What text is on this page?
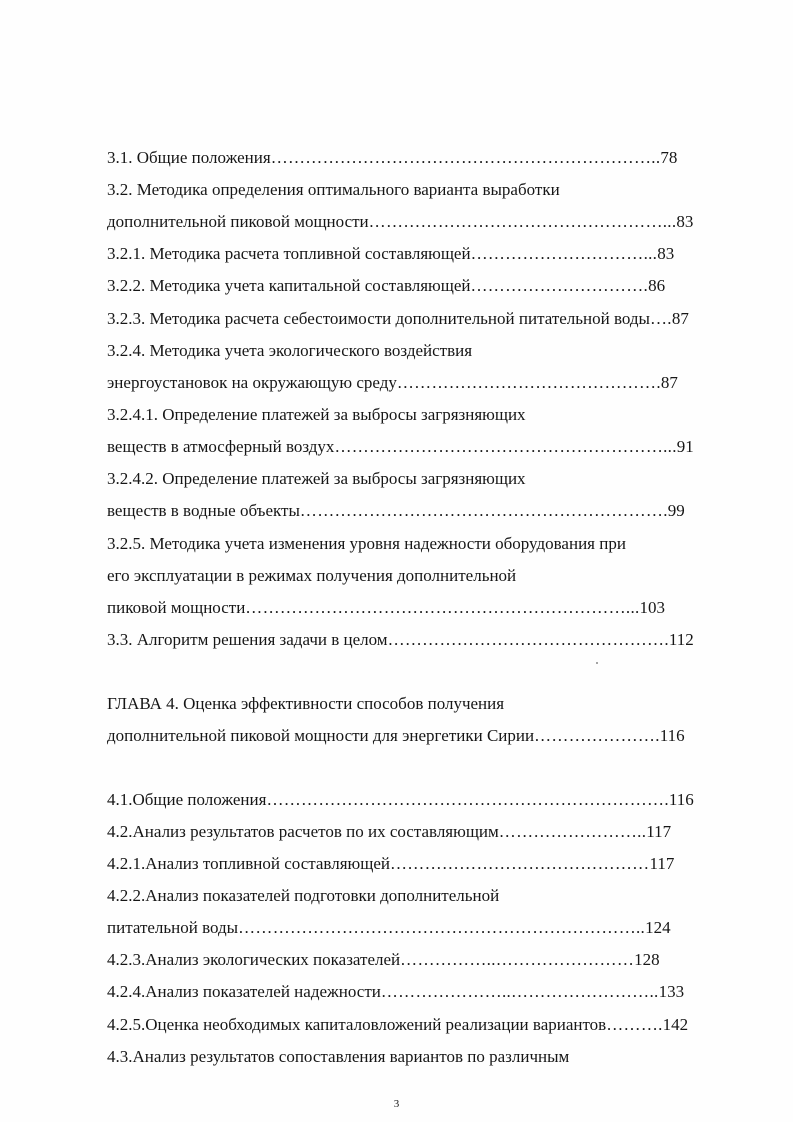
3.1. Общие положения…………………………………………………………..78
3.2. Методика определения оптимального варианта выработки
дополнительной пиковой мощности……………………………………………...83
3.2.1. Методика расчета топливной составляющей…………………………...83
3.2.2. Методика учета капитальной составляющей………………………….86
3.2.3. Методика расчета себестоимости дополнительной питательной воды….87
3.2.4. Методика учета экологического воздействия
энергоустановок на окружающую среду……………………………………….87
3.2.4.1. Определение платежей за выбросы загрязняющих
веществ в атмосферный воздух…………………………………………………...91
3.2.4.2. Определение платежей за выбросы загрязняющих
веществ в водные объекты……………………………………………………….99
3.2.5. Методика учета изменения уровня надежности оборудования при
его эксплуатации в режимах получения дополнительной
пиковой мощности…………………………………………………………...103
3.3. Алгоритм решения задачи в целом………………………………………….112
ГЛАВА 4. Оценка эффективности способов получения
дополнительной пиковой мощности для энергетики Сирии………………….116
4.1.Общие положения…………………………………………………………….116
4.2.Анализ результатов расчетов по их составляющим……………………..117
4.2.1.Анализ топливной составляющей………………………………………117
4.2.2.Анализ показателей подготовки дополнительной
питательной воды……………………………………………………………..124
4.2.3.Анализ экологических показателей……………..……………………128
4.2.4.Анализ показателей надежности…………………..……………………..133
4.2.5.Оценка необходимых капиталовложений реализации вариантов……….142
4.3.Анализ результатов сопоставления вариантов по различным
3
